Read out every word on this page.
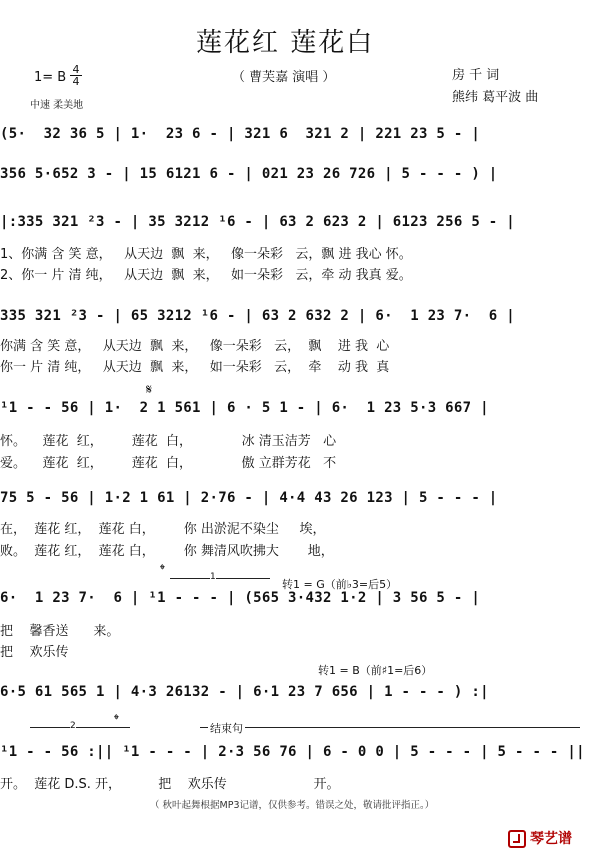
莲花红 莲花白
（ 曹芙嘉 演唱 ）
1= B
4
4
中速 柔美地
房 千 词
熊纬 葛平波 曲
(5·  32 36 5 | 1·  23 6 - | 321 6  321 2 | 221 23 5 - |
356 5·652 3 - | 15 6121 6 - | 021 23 26 726 | 5 - - - ) |
|:335 321 ²3 - | 35 3212 ¹6 - | 63 2 623 2 | 6123 256 5 - |
1、你满 含 笑 意，   从天边  飘  来，   像一朵彩   云，飘 进 我心 怀。
2、你一 片 清 纯，   从天边  飘  来，   如一朵彩   云，牵 动 我真 爱。
335 321 ²3 - | 65 3212 ¹6 - | 63 2 632 2 | 6·  1 23 7·  6 |
你满 含 笑 意，   从天边  飘  来，   像一朵彩   云，  飘    进 我  心
你一 片 清 纯，   从天边  飘  来，   如一朵彩   云，  牵    动 我  真
𝄋
¹1 - - 56 | 1·  2 1 561 | 6 · 5 1 - | 6·  1 23 5·3 667 |
怀。    莲花  红，       莲花  白，            冰 清玉洁芳   心
爱。    莲花  红，       莲花  白，            傲 立群芳花   不
75 5 - 56 | 1·2 1 61 | 2·76 - | 4·4 43 26 123 | 5 - - - |
在，  莲花 红，  莲花 白，       你 出淤泥不染尘     埃，
败。  莲花 红，  莲花 白，       你 舞清风吹拂大       地，
𝄌	1
转1 = G（前♭3=后5）
6·  1 23 7·  6 | ¹1 - - - | (565 3·432 1·2 | 3 56 5 - |
把    馨香送      来。
把    欢乐传
转1 = B（前♯1=后6）
6·5 61 565 1 | 4·3 26132 - | 6·1 23 7 656 | 1 - - - ) :|
2	𝄌
结束句
¹1 - - 56 :|| ¹1 - - - | 2·3 56 76 | 6 - 0 0 | 5 - - - | 5 - - - ||
开。  莲花 D.S. 开，         把    欢乐传                     开。
（ 秋叶起舞根据MP3记谱，仅供参考。错误之处，敬请批评指正。）
琴艺谱
